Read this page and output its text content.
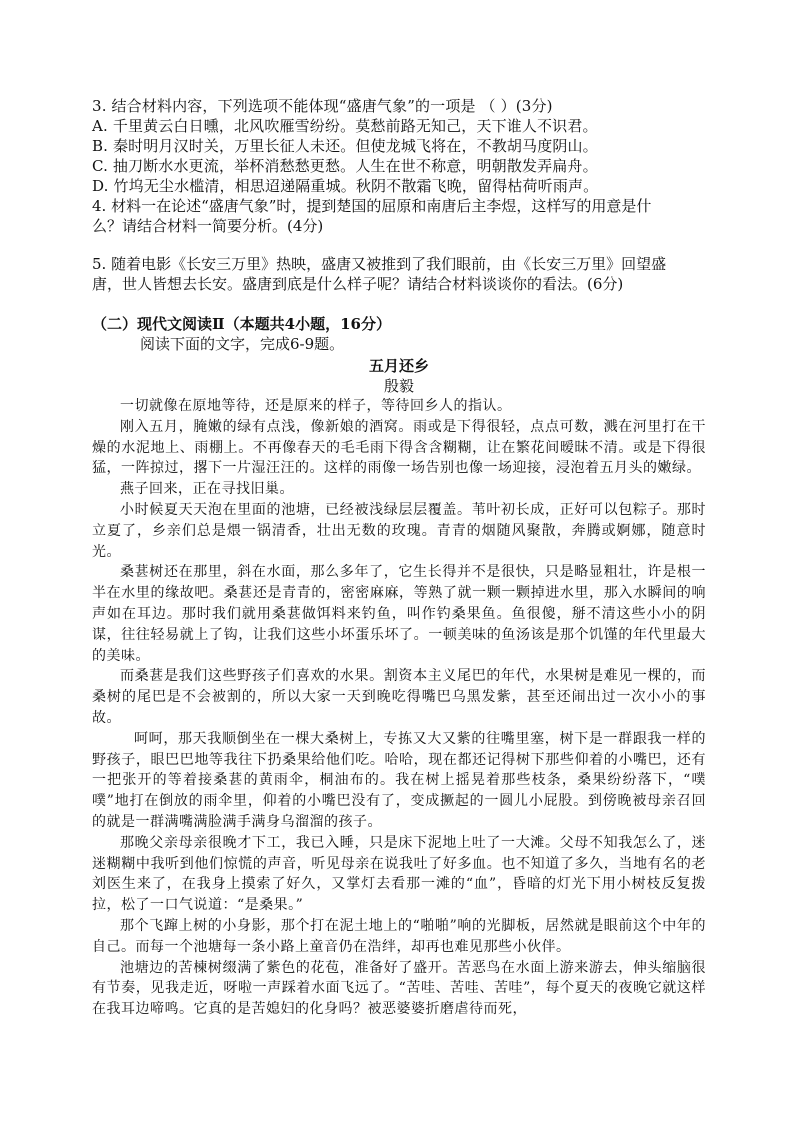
3. 结合材料内容，下列选项不能体现“盛唐气象”的一项是 （ ）(3分)
A. 千里黄云白日曛，北风吹雁雪纷纷。莫愁前路无知己，天下谁人不识君。
B. 秦时明月汉时关，万里长征人未还。但使龙城飞将在，不教胡马度阴山。
C. 抽刀断水水更流，举杯消愁愁更愁。人生在世不称意，明朝散发弄扁舟。
D. 竹坞无尘水槛清，相思迢递隔重城。秋阴不散霜飞晚，留得枯荷听雨声。
4. 材料一在论述“盛唐气象”时，提到楚国的屈原和南唐后主李煜，这样写的用意是什
么？请结合材料一简要分析。(4分)
5. 随着电影《长安三万里》热映，盛唐又被推到了我们眼前，由《长安三万里》回望盛
唐，世人皆想去长安。盛唐到底是什么样子呢？请结合材料谈谈你的看法。(6分)
（二）现代文阅读Ⅱ（本题共4小题，16分）
阅读下面的文字，完成6-9题。
五月还乡
殷毅

一切就像在原地等待，还是原来的样子，等待回乡人的指认。

刚入五月，腌嫩的绿有点浅，像新娘的酒窝。雨或是下得很轻，点点可数，溅在河里打在干燥的水泥地上、雨棚上。不再像春天的毛毛雨下得含含糊糊，让在繁花间暧昧不清。或是下得很猛，一阵掠过，撂下一片湿汪汪的。这样的雨像一场告别也像一场迎接，浸泡着五月头的嫩绿。

燕子回来，正在寻找旧巢。

小时候夏天天泡在里面的池塘，已经被浅绿层层覆盖。苇叶初长成，正好可以包粽子。那时立夏了，乡亲们总是煨一锅清香，壮出无数的玫瑰。青青的烟随风聚散，奔腾或婀娜，随意时光。

桑葚树还在那里，斜在水面，那么多年了，它生长得并不是很快，只是略显粗壮，许是根一半在水里的缘故吧。桑葚还是青青的，密密麻麻，等熟了就一颗一颗掉进水里，那入水瞬间的响声如在耳边。那时我们就用桑葚做饵料来钓鱼，叫作钓桑果鱼。鱼很傻，掰不清这些小小的阴谋，往往轻易就上了钩，让我们这些小坏蛋乐坏了。一顿美味的鱼汤该是那个饥馑的年代里最大的美味。

而桑葚是我们这些野孩子们喜欢的水果。割资本主义尾巴的年代，水果树是难见一棵的，而桑树的尾巴是不会被割的，所以大家一天到晚吃得嘴巴乌黑发紫，甚至还闹出过一次小小的事故。

呵呵，那天我顺倒坐在一棵大桑树上，专拣又大又紫的往嘴里塞，树下是一群跟我一样的野孩子，眼巴巴地等我往下扔桑果给他们吃。哈哈，现在都还记得树下那些仰着的小嘴巴，还有一把张开的等着接桑葚的黄雨伞，桐油布的。我在树上摇晃着那些枝条，桑果纷纷落下，“噗噗”地打在倒放的雨伞里，仰着的小嘴巴没有了，变成撅起的一圆儿小屁股。到傍晚被母亲召回的就是一群满嘴满脸满手满身乌溜溜的孩子。

那晚父亲母亲很晚才下工，我已入睡，只是床下泥地上吐了一大滩。父母不知我怎么了，迷迷糊糊中我听到他们惊慌的声音，听见母亲在说我吐了好多血。也不知道了多久，当地有名的老刘医生来了，在我身上摸索了好久，又掌灯去看那一滩的“血”，昏暗的灯光下用小树枝反复拨拉，松了一口气说道：“是桑果。”

那个飞蹿上树的小身影，那个打在泥土地上的“啪啪”响的光脚板，居然就是眼前这个中年的自己。而每一个池塘每一条小路上童音仍在浩绊，却再也难见那些小伙伴。

池塘边的苦楝树缀满了紫色的花苞，准备好了盛开。苦恶鸟在水面上游来游去，伸头缩脑很有节奏，见我走近，呀啦一声踩着水面飞远了。“苦哇、苦哇、苦哇”，每个夏天的夜晚它就这样在我耳边啼鸣。它真的是苦媳妇的化身吗？被恶婆婆折磨虐待而死，
